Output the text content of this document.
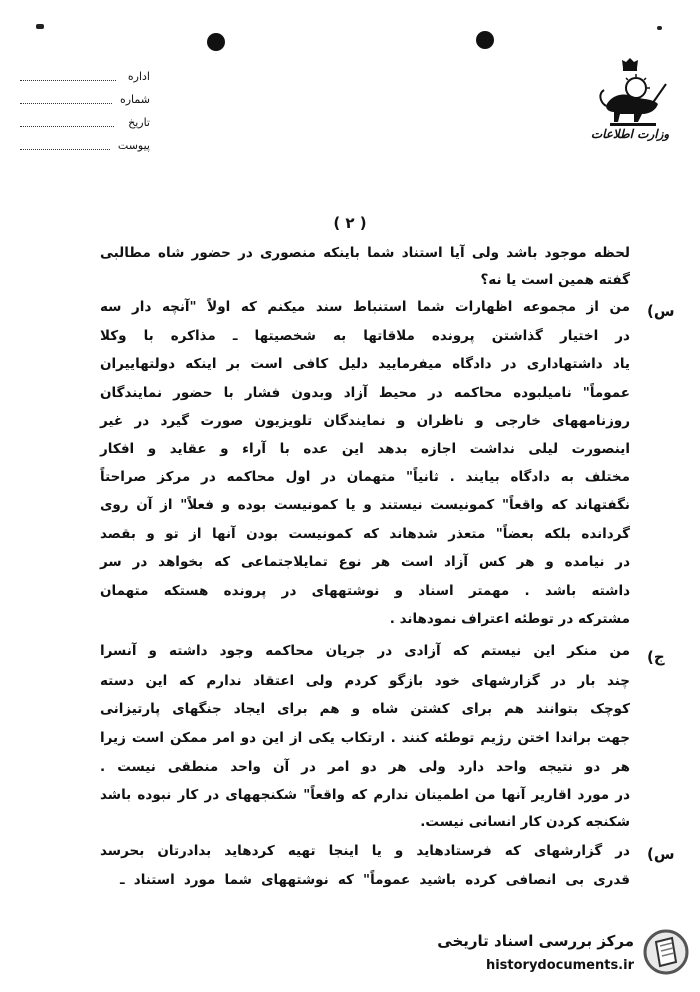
اداره
شماره
تاریخ
پیوست
وزارت اطلاعات
( ۲ )
لحظه موجود باشد ولی آیا استناد شما باینکه منصوری در حضور شاه مطالبی
گفته همین است یا نه؟
س)
من از مجموعه اظهارات شما استنباط سند میکنم که اولاً "آنچه دار سه
در اختیار گذاشتن پرونده ملاقاتها به شخصیتها ـ مذاکره با وکلا
یاد داشتهاداری در دادگاه میفرمایید دلیل کافی است بر اینکه دولتهاییران
عموماً" نامیلبوده محاکمه در محیط آزاد وبدون فشار با حضور نمایندگان
روزنامههای خارجی و ناظران و نمایندگان تلویزیون صورت گیرد در غیر
اینصورت لیلی نداشت اجازه بدهد این عده با آراء و عقاید و افکار
مختلف به دادگاه بیایند . ثانیاً" متهمان در اول محاکمه در مرکز صراحتاً
نگفتهاند که واقعاً" کمونیست نیستند و یا کمونیست بوده و فعلاً" از آن روی
گردانده بلکه بعضاً" متعذر شدهاند که کمونیست بودن آنها از تو و بقصد
در نیامده و هر کس آزاد است هر نوع تمایلاجتماعی که بخواهد در سر
داشته باشد . مهمتر اسناد و نوشتههای در پرونده هستکه متهمان
مشترکه در توطئه اعتراف نمودهاند .
ج)
من منکر این نیستم که آزادی در جریان محاکمه وجود داشته و آنسرا
چند بار در گزارشهای خود بازگو کردم ولی اعتقاد ندارم که این دسته
کوچک بتوانند هم برای کشتن شاه و هم برای ایجاد جنگهای پارتیزانی
جهت براندا اختن رژیم توطئه کنند . ارتکاب یکی از این دو امر ممکن است زیرا
هر دو نتیجه واحد دارد ولی هر دو امر در آن واحد منطقی نیست .
در مورد اقاریر آنها من اطمینان ندارم که واقعاً" شکنجههای در کار نبوده باشد
شکنجه کردن کار انسانی نیست.
س)
در گزارشهای که فرستادهاید و یا اینجا تهیه کردهاید بدادرتان بحرسد
قدری بی انصافی کرده باشید عموماً" که نوشتههای شما مورد استناد ـ
مرکز بررسی اسناد تاریخی
historydocuments.ir
